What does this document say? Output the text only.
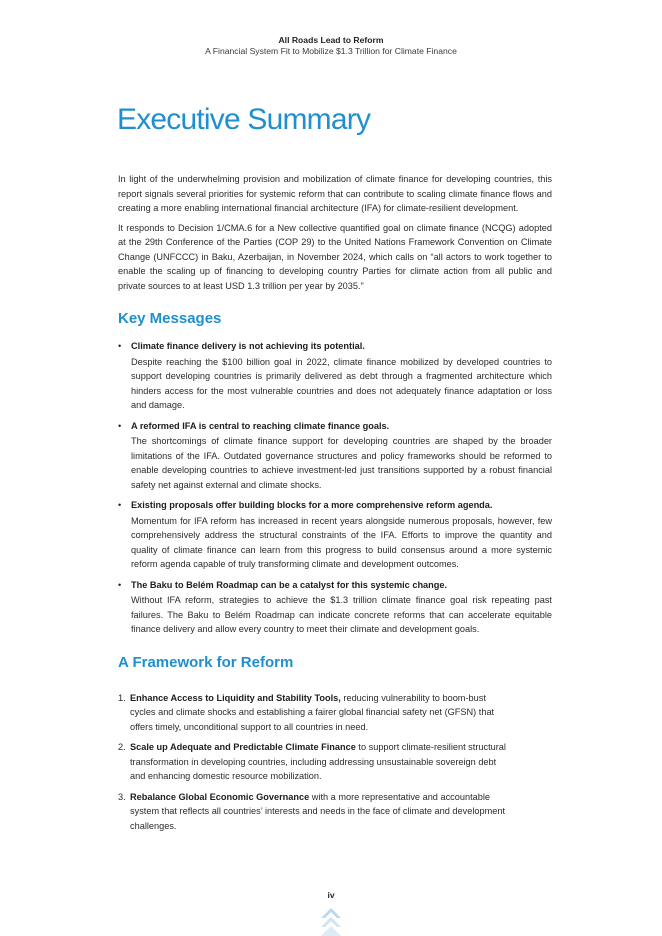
All Roads Lead to Reform
A Financial System Fit to Mobilize $1.3 Trillion for Climate Finance
Executive Summary

In light of the underwhelming provision and mobilization of climate finance for developing countries, this report signals several priorities for systemic reform that can contribute to scaling climate finance flows and creating a more enabling international financial architecture (IFA) for climate-resilient development.

It responds to Decision 1/CMA.6 for a New collective quantified goal on climate finance (NCQG) adopted at the 29th Conference of the Parties (COP 29) to the United Nations Framework Convention on Climate Change (UNFCCC) in Baku, Azerbaijan, in November 2024, which calls on “all actors to work together to enable the scaling up of financing to developing country Parties for climate action from all public and private sources to at least USD 1.3 trillion per year by 2035.”

Key Messages
• Climate finance delivery is not achieving its potential.
Despite reaching the $100 billion goal in 2022, climate finance mobilized by developed countries to support developing countries is primarily delivered as debt through a fragmented architecture which hinders access for the most vulnerable countries and does not adequately finance adaptation or loss and damage.
• A reformed IFA is central to reaching climate finance goals.
The shortcomings of climate finance support for developing countries are shaped by the broader limitations of the IFA. Outdated governance structures and policy frameworks should be reformed to enable developing countries to achieve investment-led just transitions supported by a robust financial safety net against external and climate shocks.
• Existing proposals offer building blocks for a more comprehensive reform agenda.
Momentum for IFA reform has increased in recent years alongside numerous proposals, however, few comprehensively address the structural constraints of the IFA. Efforts to improve the quantity and quality of climate finance can learn from this progress to build consensus around a more systemic reform agenda capable of truly transforming climate and development outcomes.
• The Baku to Belém Roadmap can be a catalyst for this systemic change.
Without IFA reform, strategies to achieve the $1.3 trillion climate finance goal risk repeating past failures. The Baku to Belém Roadmap can indicate concrete reforms that can accelerate equitable finance delivery and allow every country to meet their climate and development goals.
A Framework for Reform
1. Enhance Access to Liquidity and Stability Tools, reducing vulnerability to boom-bust cycles and climate shocks and establishing a fairer global financial safety net (GFSN) that offers timely, unconditional support to all countries in need.
2. Scale up Adequate and Predictable Climate Finance to support climate-resilient structural transformation in developing countries, including addressing unsustainable sovereign debt and enhancing domestic resource mobilization.
3. Rebalance Global Economic Governance with a more representative and accountable system that reflects all countries’ interests and needs in the face of climate and development challenges.
iv
